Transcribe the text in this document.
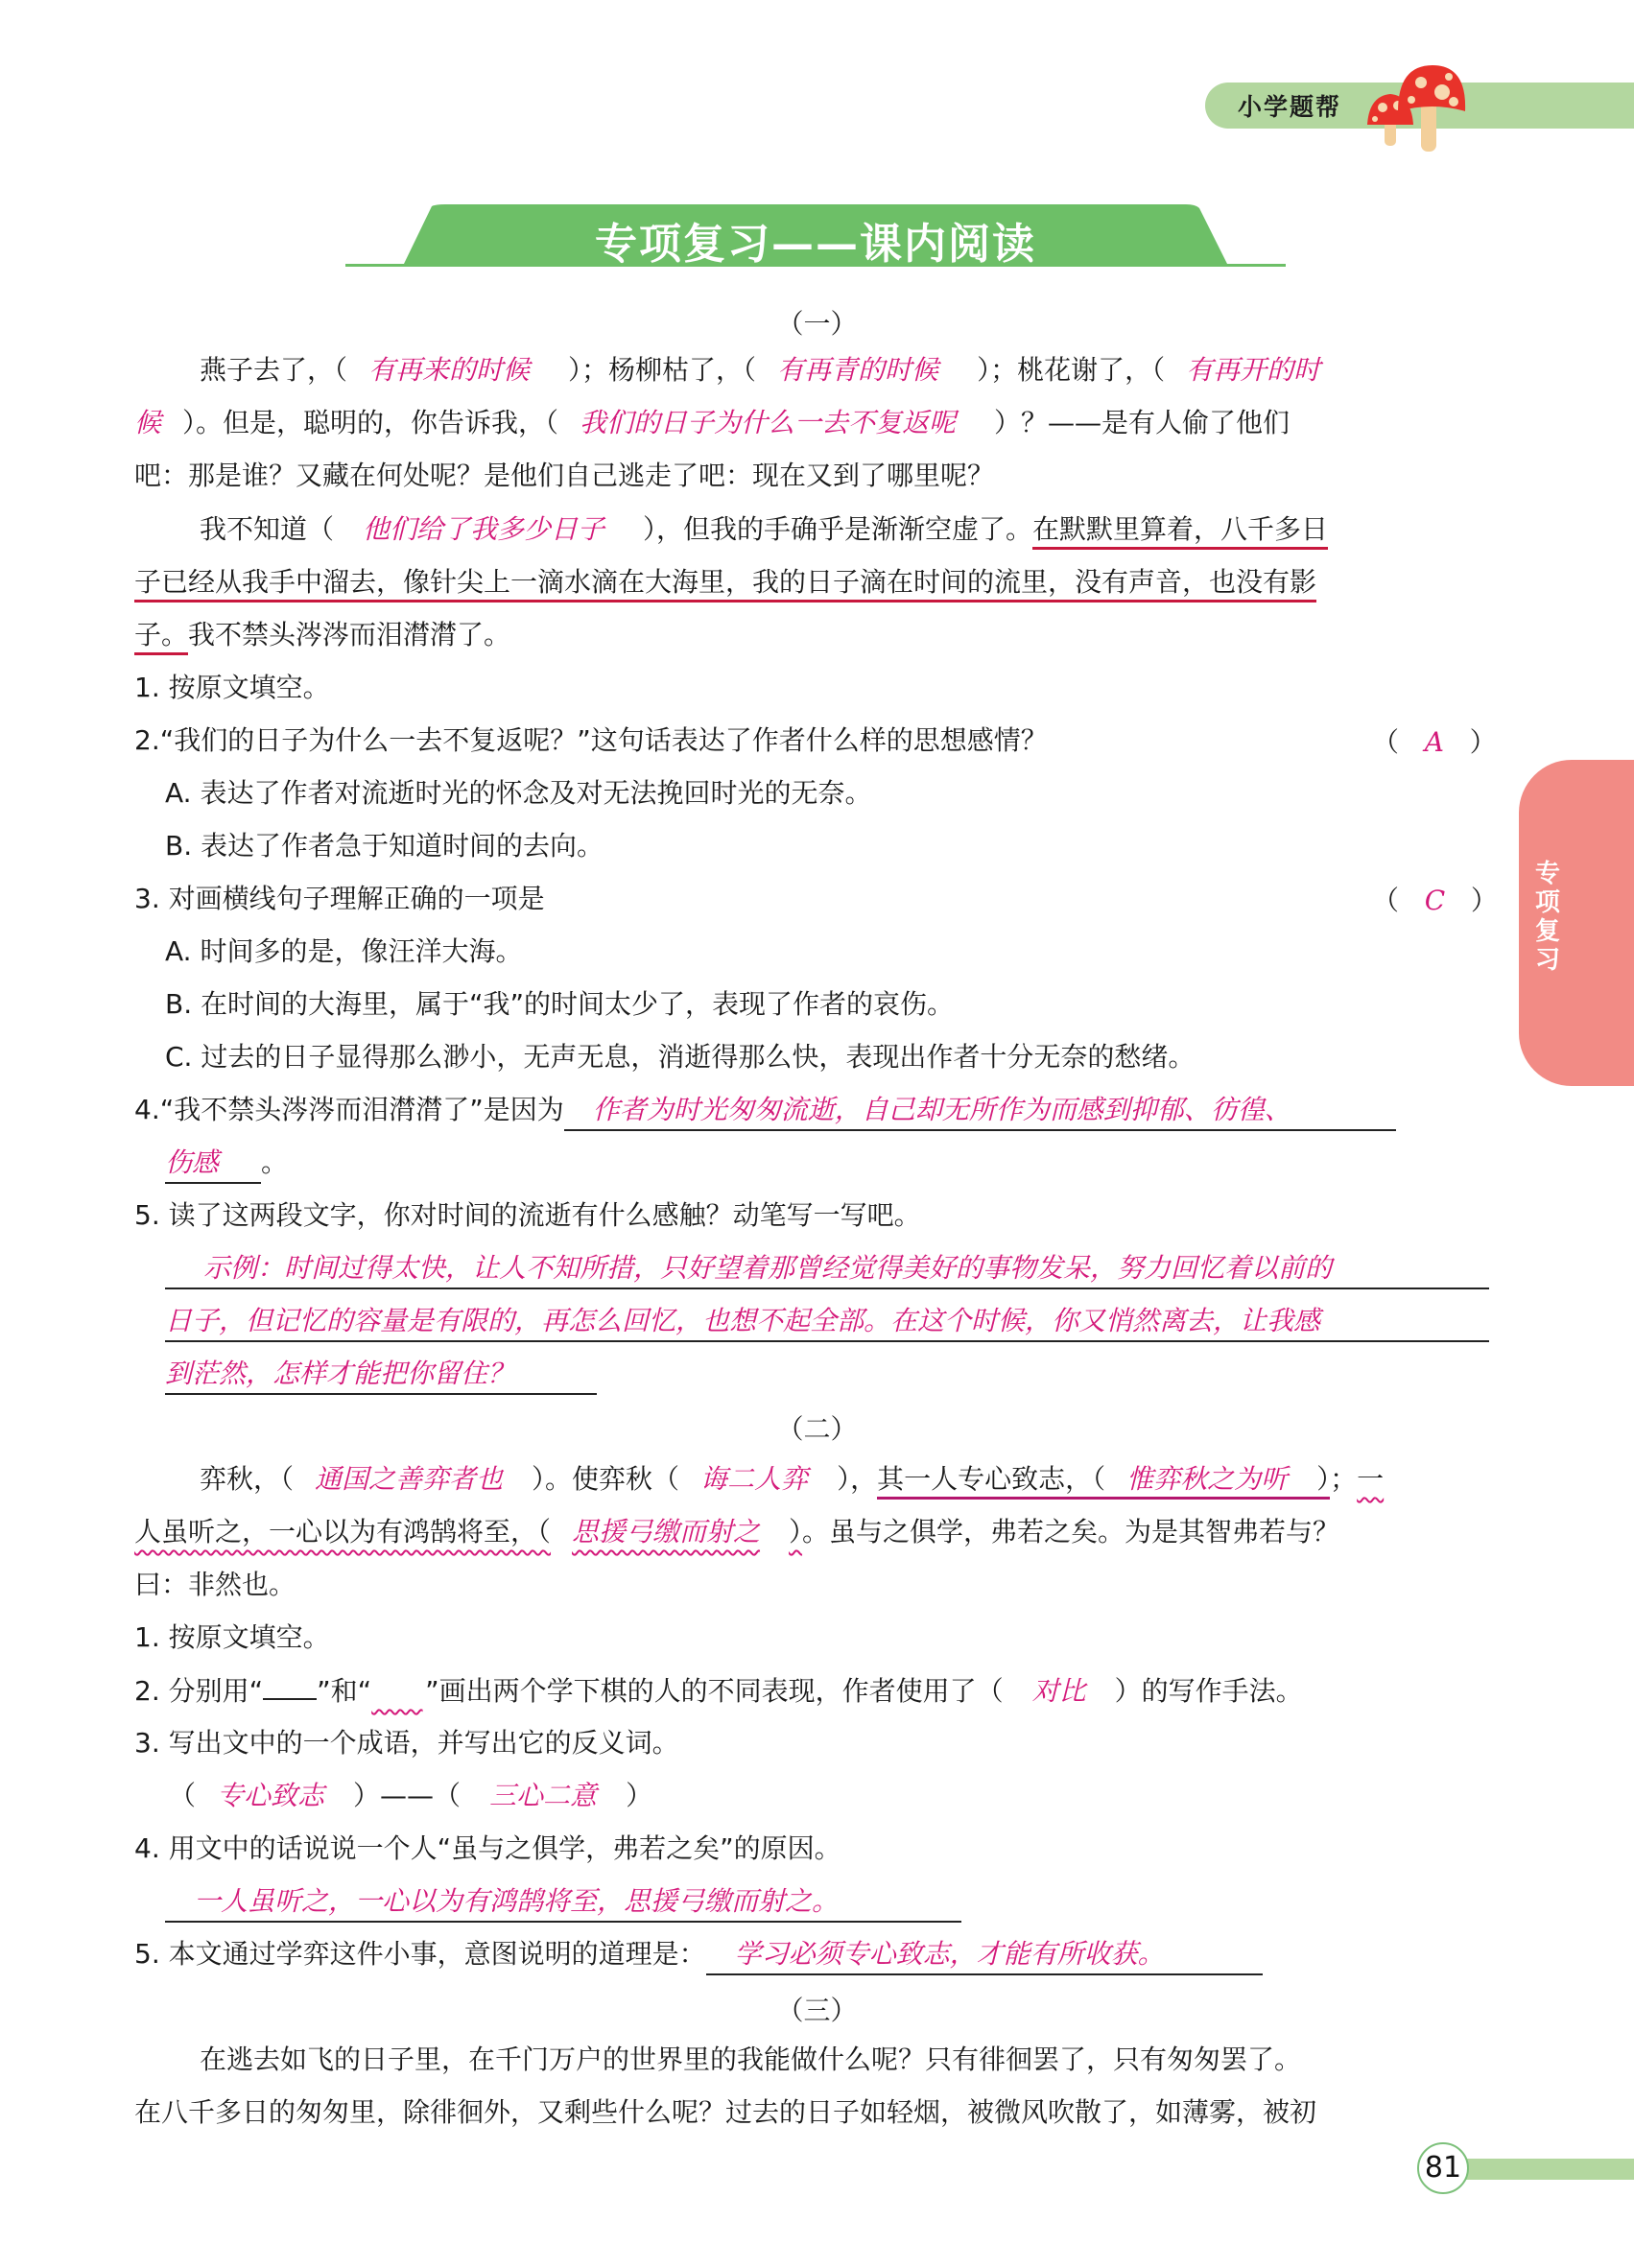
小学题帮
专项复习——课内阅读
专
项
复
习
（一）
燕子去了，（ 有再来的时候 ）；杨柳枯了，（ 有再青的时候 ）；桃花谢了，（ 有再开的时
候 ）。但是，聪明的，你告诉我，（ 我们的日子为什么一去不复返呢 ）？——是有人偷了他们
吧：那是谁？又藏在何处呢？是他们自己逃走了吧：现在又到了哪里呢？
我不知道（ 他们给了我多少日子 ），但我的手确乎是渐渐空虚了。在默默里算着，八千多日
子已经从我手中溜去，像针尖上一滴水滴在大海里，我的日子滴在时间的流里，没有声音，也没有影
子。我不禁头涔涔而泪潸潸了。
1. 按原文填空。
2.“我们的日子为什么一去不复返呢？”这句话表达了作者什么样的思想感情？	（   A   ）
A. 表达了作者对流逝时光的怀念及对无法挽回时光的无奈。
B. 表达了作者急于知道时间的去向。
3. 对画横线句子理解正确的一项是	（   C   ）
A. 时间多的是，像汪洋大海。
B. 在时间的大海里，属于“我”的时间太少了，表现了作者的哀伤。
C. 过去的日子显得那么渺小，无声无息，消逝得那么快，表现出作者十分无奈的愁绪。
4.“我不禁头涔涔而泪潸潸了”是因为 作者为时光匆匆流逝，自己却无所作为而感到抑郁、彷徨、
伤感 。
5. 读了这两段文字，你对时间的流逝有什么感触？动笔写一写吧。
示例：时间过得太快，让人不知所措，只好望着那曾经觉得美好的事物发呆，努力回忆着以前的
日子，但记忆的容量是有限的，再怎么回忆，也想不起全部。在这个时候，你又悄然离去，让我感
到茫然，怎样才能把你留住？
（二）
弈秋，（ 通国之善弈者也 ）。使弈秋（ 诲二人弈 ），其一人专心致志，（ 惟弈秋之为听 ）；一
人虽听之，一心以为有鸿鹄将至，（ 思援弓缴而射之 ）。虽与之俱学，弗若之矣。为是其智弗若与？
曰：非然也。
1. 按原文填空。
2. 分别用“ ”和“ ”画出两个学下棋的人的不同表现，作者使用了（ 对比 ）的写作手法。
3. 写出文中的一个成语，并写出它的反义词。
（ 专心致志 ）——（ 三心二意 ）
4. 用文中的话说说一个人“虽与之俱学，弗若之矣”的原因。
一人虽听之，一心以为有鸿鹄将至，思援弓缴而射之。
5. 本文通过学弈这件小事，意图说明的道理是： 学习必须专心致志，才能有所收获。
（三）
在逃去如飞的日子里，在千门万户的世界里的我能做什么呢？只有徘徊罢了，只有匆匆罢了。
在八千多日的匆匆里，除徘徊外，又剩些什么呢？过去的日子如轻烟，被微风吹散了，如薄雾，被初
81
